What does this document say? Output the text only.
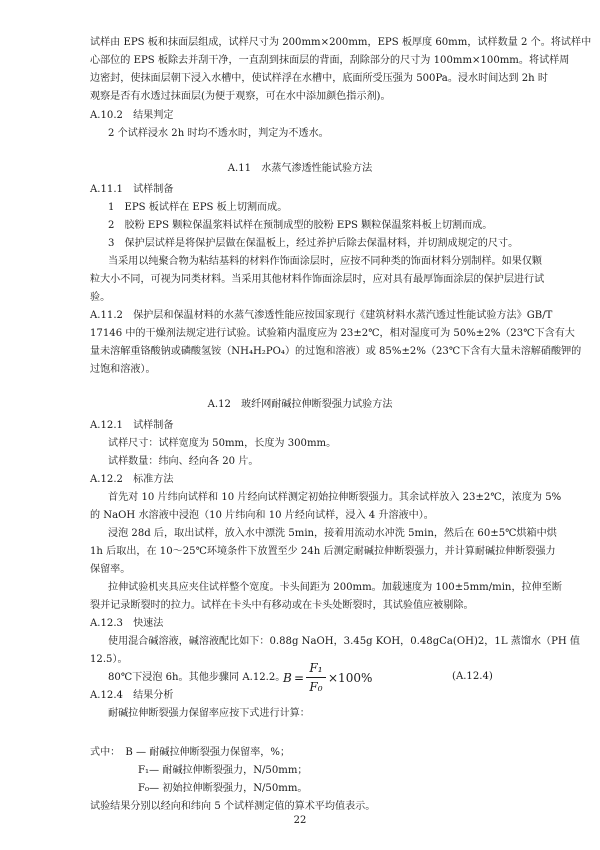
试样由 EPS 板和抹面层组成，试样尺寸为 200mm×200mm，EPS 板厚度 60mm，试样数量 2 个。将试样中
心部位的 EPS 板除去并刮干净，一直刮到抹面层的背面，刮除部分的尺寸为 100mm×100mm。将试样周
边密封，使抹面层朝下浸入水槽中，使试样浮在水槽中，底面所受压强为 500Pa。浸水时间达到 2h 时
观察是否有水透过抹面层(为便于观察，可在水中添加颜色指示剂)。
A.10.2　结果判定
2 个试样浸水 2h 时均不透水时，判定为不透水。
A.11　水蒸气渗透性能试验方法
A.11.1　试样制备
1　EPS 板试样在 EPS 板上切割而成。
2　胶粉 EPS 颗粒保温浆料试样在预制成型的胶粉 EPS 颗粒保温浆料板上切割而成。
3　保护层试样是将保护层做在保温板上，经过养护后除去保温材料，并切割成规定的尺寸。
当采用以纯聚合物为粘结基料的材料作饰面涂层时，应按不同种类的饰面材料分别制样。如果仅颗
粒大小不同，可视为同类材料。当采用其他材料作饰面涂层时，应对具有最厚饰面涂层的保护层进行试
验。
A.11.2　保护层和保温材料的水蒸气渗透性能应按国家现行《建筑材料水蒸汽透过性能试验方法》GB/T
17146 中的干燥剂法规定进行试验。试验箱内温度应为 23±2℃，相对湿度可为 50%±2%（23℃下含有大
量未溶解重铬酸钠或磷酸氢铵（NH₄H₂PO₄）的过饱和溶液）或 85%±2%（23℃下含有大量未溶解硝酸钾的
过饱和溶液）。
A.12　玻纤网耐碱拉伸断裂强力试验方法
A.12.1　试样制备
试样尺寸：试样宽度为 50mm，长度为 300mm。
试样数量：纬向、经向各 20 片。
A.12.2　标准方法
首先对 10 片纬向试样和 10 片经向试样测定初始拉伸断裂强力。其余试样放入 23±2℃，浓度为 5%
的 NaOH 水溶液中浸泡（10 片纬向和 10 片经向试样，浸入 4 升溶液中）。
浸泡 28d 后，取出试样，放入水中漂洗 5min，接着用流动水冲洗 5min，然后在 60±5℃烘箱中烘
1h 后取出，在 10～25℃环境条件下放置至少 24h 后测定耐碱拉伸断裂强力，并计算耐碱拉伸断裂强力
保留率。
拉伸试验机夹具应夹住试样整个宽度。卡头间距为 200mm。加载速度为 100±5mm/min，拉伸至断
裂并记录断裂时的拉力。试样在卡头中有移动或在卡头处断裂时，其试验值应被剔除。
A.12.3　快速法
使用混合碱溶液，碱溶液配比如下：0.88g NaOH，3.45g KOH，0.48gCa(OH)2，1L 蒸馏水（PH 值
12.5）。
80℃下浸泡 6h。其他步骤同 A.12.2。
A.12.4　结果分析
耐碱拉伸断裂强力保留率应按下式进行计算：
式中：　B — 耐碱拉伸断裂强力保留率，%；
F₁— 耐碱拉伸断裂强力，N/50mm；
F₀— 初始拉伸断裂强力，N/50mm。
试验结果分别以经向和纬向 5 个试样测定值的算术平均值表示。
B =
F₁
F₀
×100%	(A.12.4)
22
